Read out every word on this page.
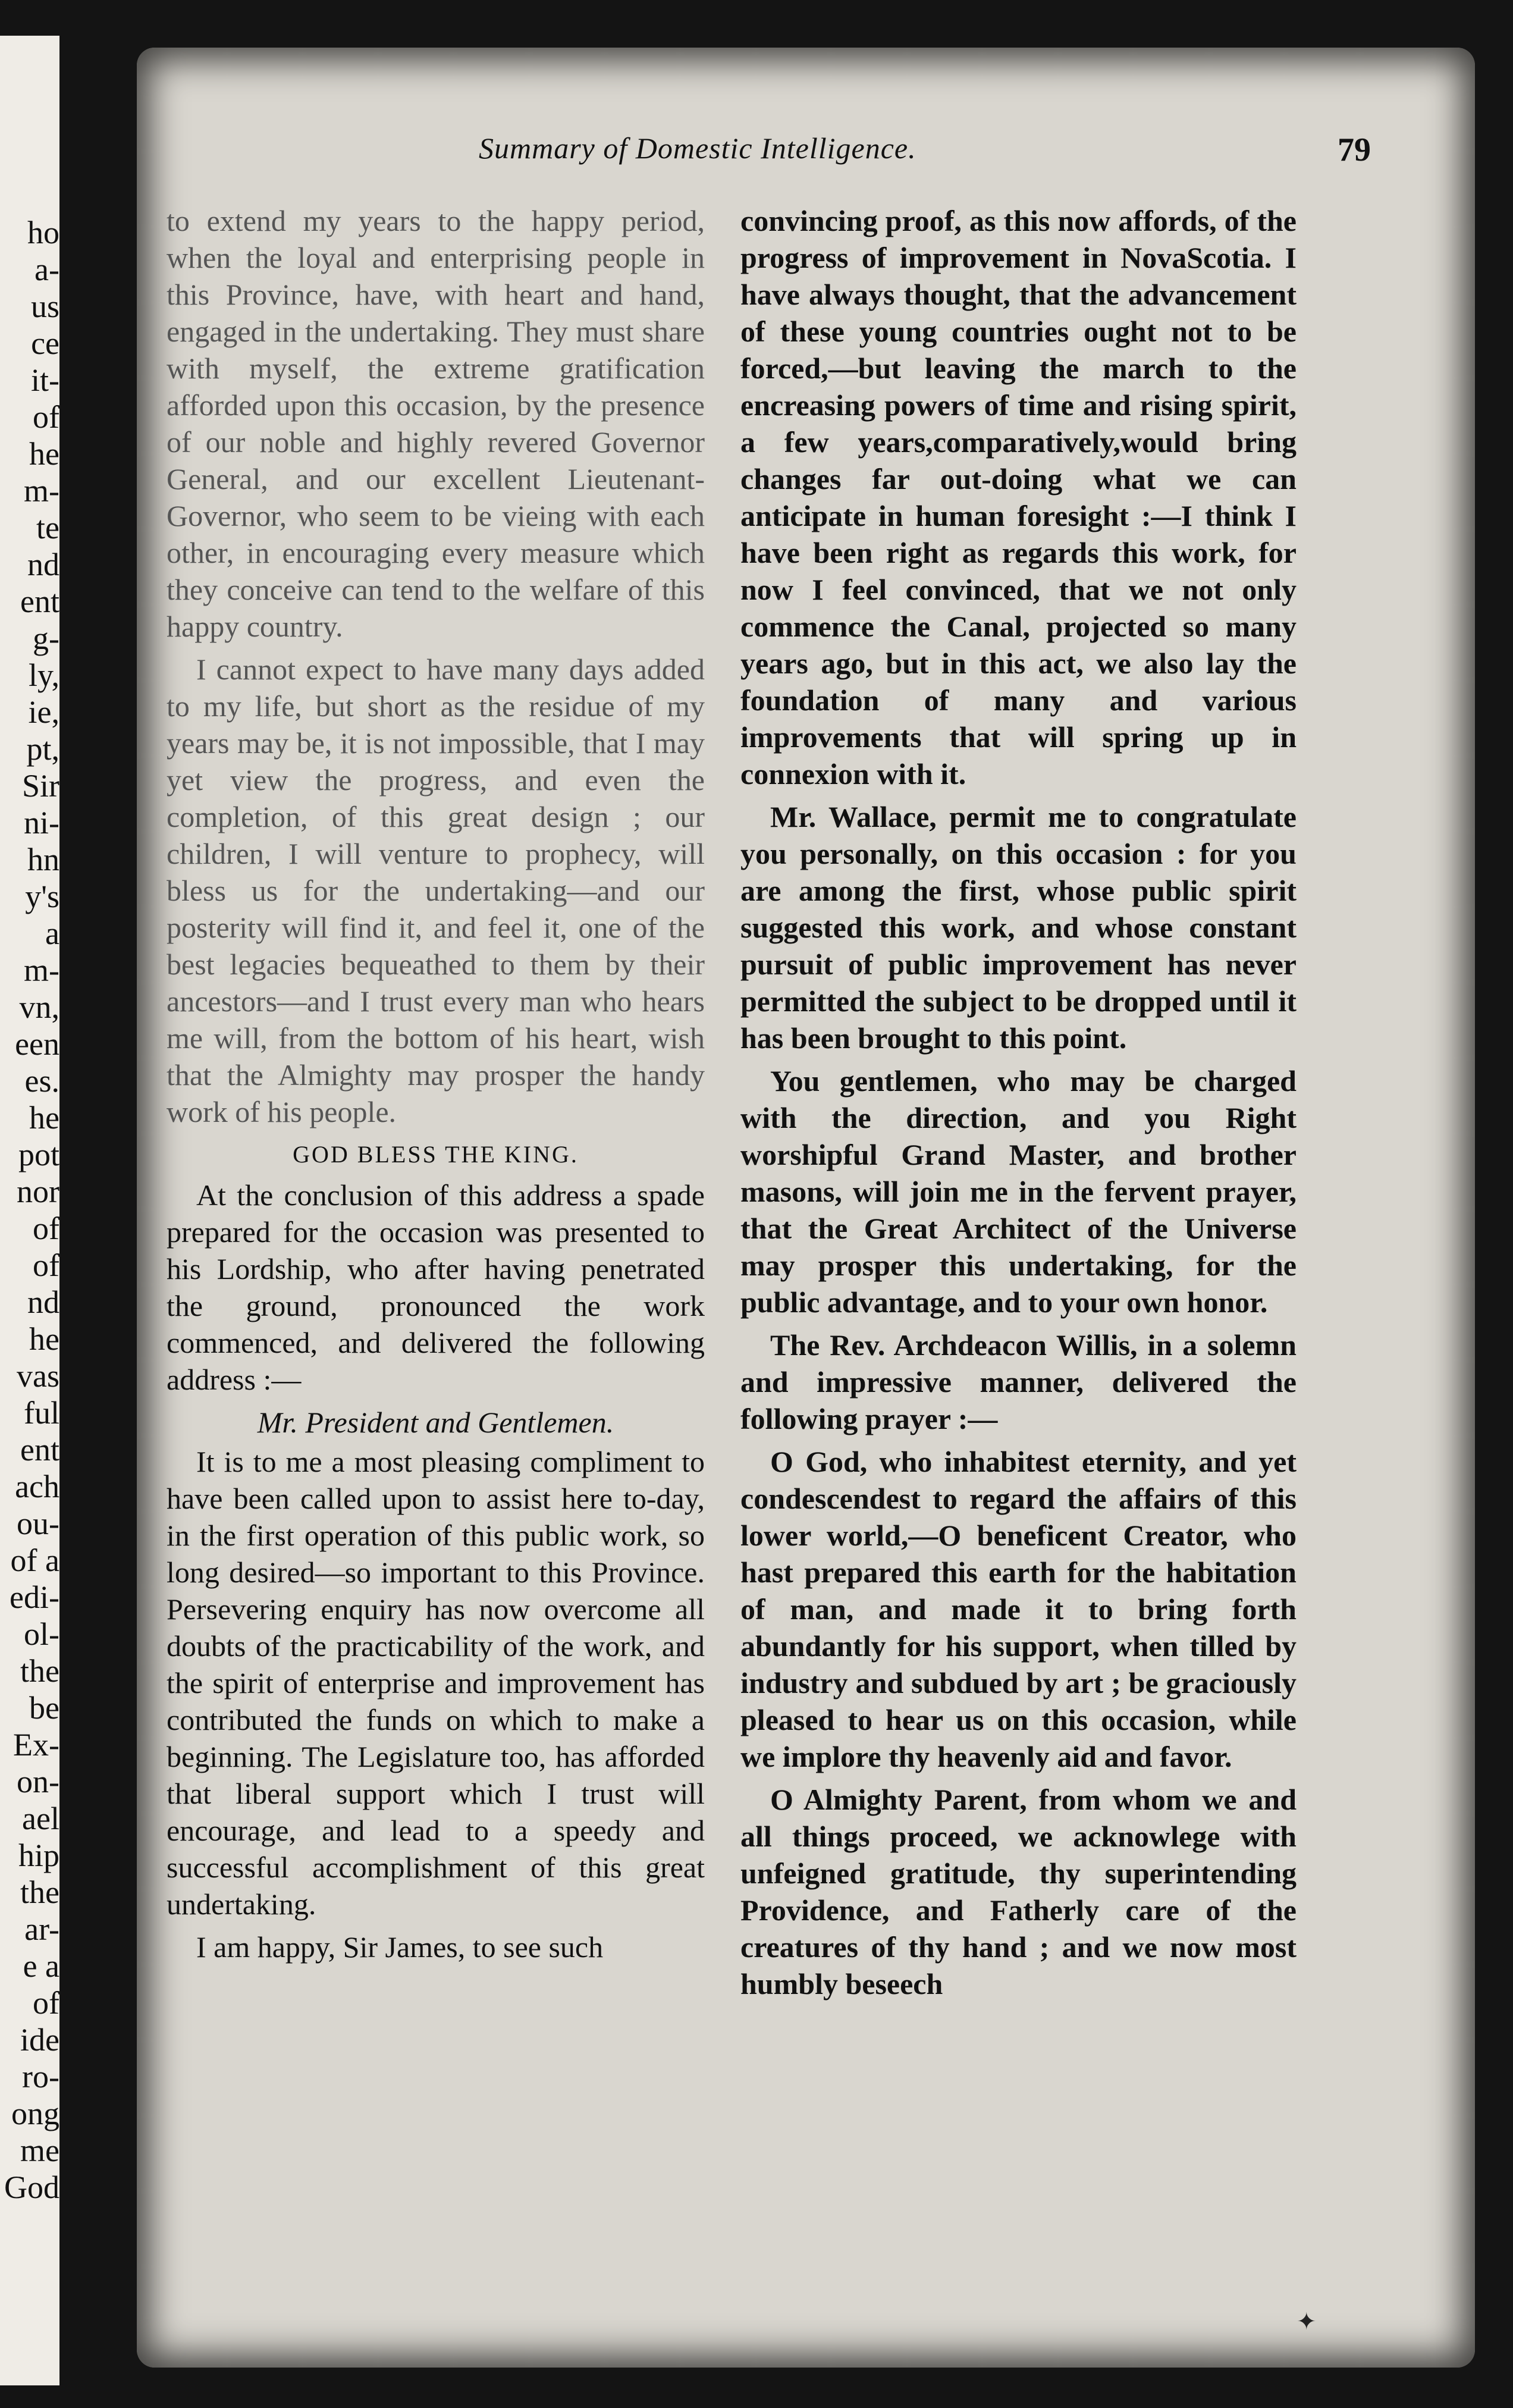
ho
a-
us
ce
it-
of
he
m-
te
nd
ent
g-
ly,
ie,
pt,
Sir
ni-
hn
y's
a
m-
vn,
een
es.
he
pot
nor
of
of
nd
he
vas
ful
ent
ach
ou-
of a
edi-
ol-
the
be
Ex-
on-
ael
hip
the
ar-
e a
of
ide
ro-
ong
me
God
Summary of Domestic Intelligence.	79

to extend my years to the happy period, when the loyal and enterprising people in this Province, have, with heart and hand, engaged in the undertaking. They must share with myself, the extreme gratification afforded upon this occasion, by the presence of our noble and highly revered Governor General, and our excellent Lieutenant-Governor, who seem to be vieing with each other, in encouraging every measure which they conceive can tend to the welfare of this happy country.

I cannot expect to have many days added to my life, but short as the residue of my years may be, it is not impossible, that I may yet view the progress, and even the completion, of this great design ; our children, I will venture to prophecy, will bless us for the undertaking—and our posterity will find it, and feel it, one of the best legacies bequeathed to them by their ancestors—and I trust every man who hears me will, from the bottom of his heart, wish that the Almighty may prosper the handy work of his people.

GOD BLESS THE KING.

At the conclusion of this address a spade prepared for the occasion was presented to his Lordship, who after having penetrated the ground, pronounced the work commenced, and delivered the following address :—

Mr. President and Gentlemen.

It is to me a most pleasing compliment to have been called upon to assist here to-day, in the first operation of this public work, so long desired—so important to this Province. Persevering enquiry has now overcome all doubts of the practicability of the work, and the spirit of enterprise and improvement has contributed the funds on which to make a beginning. The Legislature too, has afforded that liberal support which I trust will encourage, and lead to a speedy and successful accomplishment of this great undertaking.

I am happy, Sir James, to see such

convincing proof, as this now affords, of the progress of improvement in NovaScotia. I have always thought, that the advancement of these young countries ought not to be forced,—but leaving the march to the encreasing powers of time and rising spirit, a few years,comparatively,would bring changes far out-doing what we can anticipate in human foresight :—I think I have been right as regards this work, for now I feel convinced, that we not only commence the Canal, projected so many years ago, but in this act, we also lay the foundation of many and various improvements that will spring up in connexion with it.

Mr. Wallace, permit me to congratulate you personally, on this occasion : for you are among the first, whose public spirit suggested this work, and whose constant pursuit of public improvement has never permitted the subject to be dropped until it has been brought to this point.

You gentlemen, who may be charged with the direction, and you Right worshipful Grand Master, and brother masons, will join me in the fervent prayer, that the Great Architect of the Universe may prosper this undertaking, for the public advantage, and to your own honor.

The Rev. Archdeacon Willis, in a solemn and impressive manner, delivered the following prayer :—

O God, who inhabitest eternity, and yet condescendest to regard the affairs of this lower world,—O beneficent Creator, who hast prepared this earth for the habitation of man, and made it to bring forth abundantly for his support, when tilled by industry and subdued by art ; be graciously pleased to hear us on this occasion, while we implore thy heavenly aid and favor.

O Almighty Parent, from whom we and all things proceed, we acknowlege with unfeigned gratitude, thy superintending Providence, and Fatherly care of the creatures of thy hand ; and we now most humbly beseech

✦
